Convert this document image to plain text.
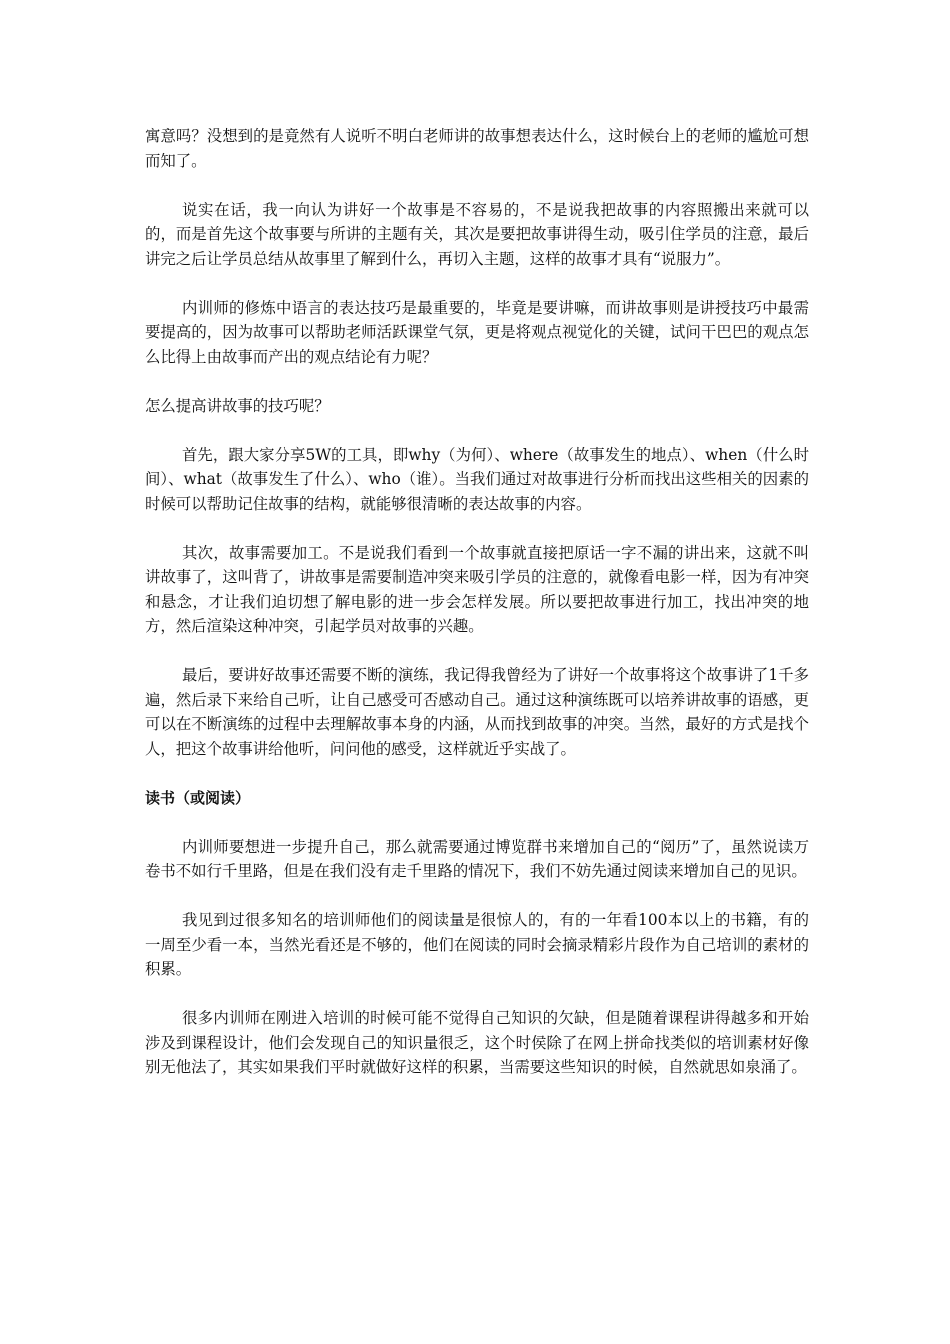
寓意吗？没想到的是竟然有人说听不明白老师讲的故事想表达什么，这时候台上的老师的尴尬可想而知了。

说实在话，我一向认为讲好一个故事是不容易的，不是说我把故事的内容照搬出来就可以的，而是首先这个故事要与所讲的主题有关，其次是要把故事讲得生动，吸引住学员的注意，最后讲完之后让学员总结从故事里了解到什么，再切入主题，这样的故事才具有“说服力”。

内训师的修炼中语言的表达技巧是最重要的，毕竟是要讲嘛，而讲故事则是讲授技巧中最需要提高的，因为故事可以帮助老师活跃课堂气氛，更是将观点视觉化的关键，试问干巴巴的观点怎么比得上由故事而产出的观点结论有力呢？

怎么提高讲故事的技巧呢？

首先，跟大家分享5W的工具，即why（为何）、where（故事发生的地点）、when（什么时间）、what（故事发生了什么）、who（谁）。当我们通过对故事进行分析而找出这些相关的因素的时候可以帮助记住故事的结构，就能够很清晰的表达故事的内容。

其次，故事需要加工。不是说我们看到一个故事就直接把原话一字不漏的讲出来，这就不叫讲故事了，这叫背了，讲故事是需要制造冲突来吸引学员的注意的，就像看电影一样，因为有冲突和悬念，才让我们迫切想了解电影的进一步会怎样发展。所以要把故事进行加工，找出冲突的地方，然后渲染这种冲突，引起学员对故事的兴趣。

最后，要讲好故事还需要不断的演练，我记得我曾经为了讲好一个故事将这个故事讲了1千多遍，然后录下来给自己听，让自己感受可否感动自己。通过这种演练既可以培养讲故事的语感，更可以在不断演练的过程中去理解故事本身的内涵，从而找到故事的冲突。当然，最好的方式是找个人，把这个故事讲给他听，问问他的感受，这样就近乎实战了。

读书（或阅读）

内训师要想进一步提升自己，那么就需要通过博览群书来增加自己的“阅历”了，虽然说读万卷书不如行千里路，但是在我们没有走千里路的情况下，我们不妨先通过阅读来增加自己的见识。

我见到过很多知名的培训师他们的阅读量是很惊人的，有的一年看100本以上的书籍，有的一周至少看一本，当然光看还是不够的，他们在阅读的同时会摘录精彩片段作为自己培训的素材的积累。

很多内训师在刚进入培训的时候可能不觉得自己知识的欠缺，但是随着课程讲得越多和开始涉及到课程设计，他们会发现自己的知识量很乏，这个时侯除了在网上拼命找类似的培训素材好像别无他法了，其实如果我们平时就做好这样的积累，当需要这些知识的时候，自然就思如泉涌了。
